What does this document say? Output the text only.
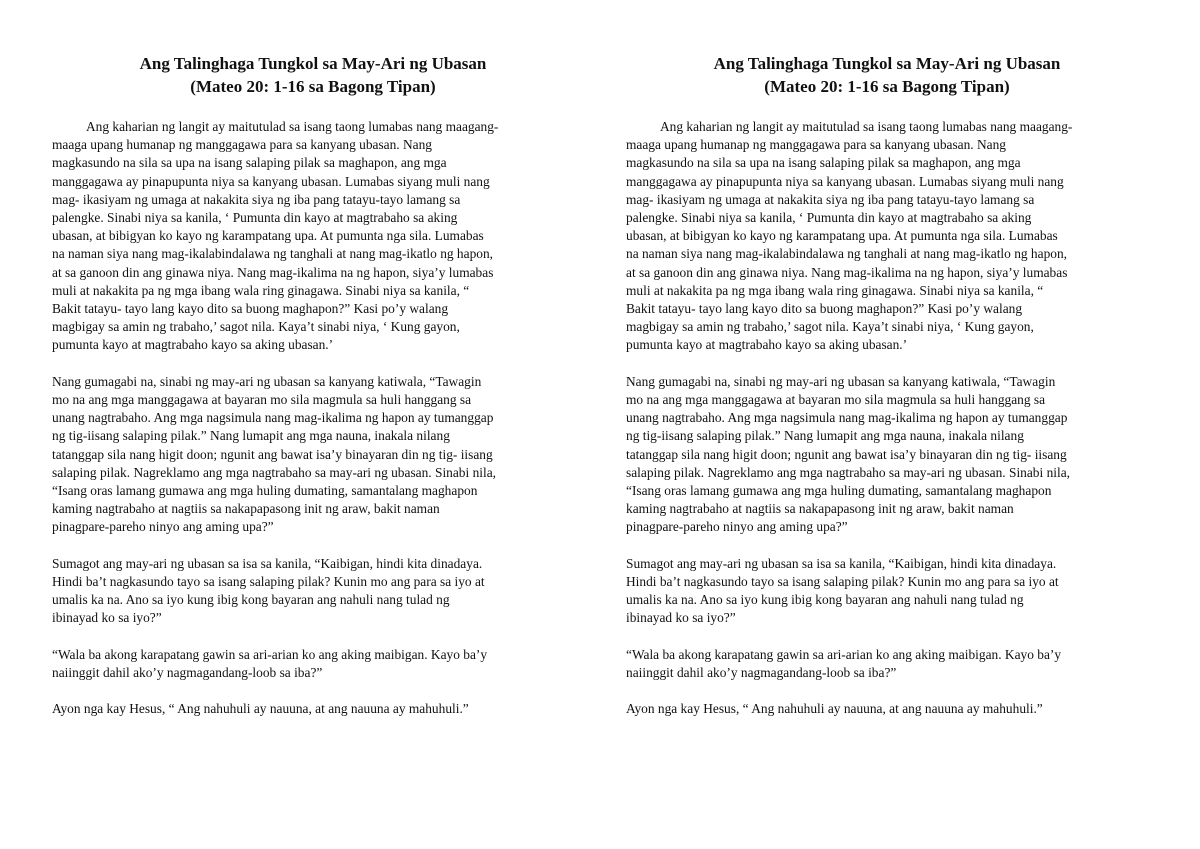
Ang Talinghaga Tungkol sa May-Ari ng Ubasan
(Mateo 20: 1-16 sa Bagong Tipan)

Ang kaharian ng langit ay maitutulad sa isang taong lumabas nang maagang-
maaga upang humanap ng manggagawa para sa kanyang ubasan. Nang
magkasundo na sila sa upa na isang salaping pilak sa maghapon, ang mga
manggagawa ay pinapupunta niya sa kanyang ubasan. Lumabas siyang muli nang
mag- ikasiyam ng umaga at nakakita siya ng iba pang tatayu-tayo lamang sa
palengke. Sinabi niya sa kanila, ‘ Pumunta din kayo at magtrabaho sa aking
ubasan, at bibigyan ko kayo ng karampatang upa. At pumunta nga sila. Lumabas
na naman siya nang mag-ikalabindalawa ng tanghali at nang mag-ikatlo ng hapon,
at sa ganoon din ang ginawa niya. Nang mag-ikalima na ng hapon, siya’y lumabas
muli at nakakita pa ng mga ibang wala ring ginagawa. Sinabi niya sa kanila, “
Bakit tatayu- tayo lang kayo dito sa buong maghapon?” Kasi po’y walang
magbigay sa amin ng trabaho,’ sagot nila. Kaya’t sinabi niya, ‘ Kung gayon,
pumunta kayo at magtrabaho kayo sa aking ubasan.’

Nang gumagabi na, sinabi ng may-ari ng ubasan sa kanyang katiwala, “Tawagin
mo na ang mga manggagawa at bayaran mo sila magmula sa huli hanggang sa
unang nagtrabaho. Ang mga nagsimula nang mag-ikalima ng hapon ay tumanggap
ng tig-iisang salaping pilak.” Nang lumapit ang mga nauna, inakala nilang
tatanggap sila nang higit doon; ngunit ang bawat isa’y binayaran din ng tig- iisang
salaping pilak. Nagreklamo ang mga nagtrabaho sa may-ari ng ubasan. Sinabi nila,
“Isang oras lamang gumawa ang mga huling dumating, samantalang maghapon
kaming nagtrabaho at nagtiis sa nakapapasong init ng araw, bakit naman
pinagpare-pareho ninyo ang aming upa?”

Sumagot ang may-ari ng ubasan sa isa sa kanila, “Kaibigan, hindi kita dinadaya.
Hindi ba’t nagkasundo tayo sa isang salaping pilak? Kunin mo ang para sa iyo at
umalis ka na. Ano sa iyo kung ibig kong bayaran ang nahuli nang tulad ng
ibinayad ko sa iyo?”

“Wala ba akong karapatang gawin sa ari-arian ko ang aking maibigan. Kayo ba’y
naiinggit dahil ako’y nagmagandang-loob sa iba?”

Ayon nga kay Hesus, “ Ang nahuhuli ay nauuna, at ang nauuna ay mahuhuli.”

Ang Talinghaga Tungkol sa May-Ari ng Ubasan
(Mateo 20: 1-16 sa Bagong Tipan)

Ang kaharian ng langit ay maitutulad sa isang taong lumabas nang maagang-
maaga upang humanap ng manggagawa para sa kanyang ubasan. Nang
magkasundo na sila sa upa na isang salaping pilak sa maghapon, ang mga
manggagawa ay pinapupunta niya sa kanyang ubasan. Lumabas siyang muli nang
mag- ikasiyam ng umaga at nakakita siya ng iba pang tatayu-tayo lamang sa
palengke. Sinabi niya sa kanila, ‘ Pumunta din kayo at magtrabaho sa aking
ubasan, at bibigyan ko kayo ng karampatang upa. At pumunta nga sila. Lumabas
na naman siya nang mag-ikalabindalawa ng tanghali at nang mag-ikatlo ng hapon,
at sa ganoon din ang ginawa niya. Nang mag-ikalima na ng hapon, siya’y lumabas
muli at nakakita pa ng mga ibang wala ring ginagawa. Sinabi niya sa kanila, “
Bakit tatayu- tayo lang kayo dito sa buong maghapon?” Kasi po’y walang
magbigay sa amin ng trabaho,’ sagot nila. Kaya’t sinabi niya, ‘ Kung gayon,
pumunta kayo at magtrabaho kayo sa aking ubasan.’

Nang gumagabi na, sinabi ng may-ari ng ubasan sa kanyang katiwala, “Tawagin
mo na ang mga manggagawa at bayaran mo sila magmula sa huli hanggang sa
unang nagtrabaho. Ang mga nagsimula nang mag-ikalima ng hapon ay tumanggap
ng tig-iisang salaping pilak.” Nang lumapit ang mga nauna, inakala nilang
tatanggap sila nang higit doon; ngunit ang bawat isa’y binayaran din ng tig- iisang
salaping pilak. Nagreklamo ang mga nagtrabaho sa may-ari ng ubasan. Sinabi nila,
“Isang oras lamang gumawa ang mga huling dumating, samantalang maghapon
kaming nagtrabaho at nagtiis sa nakapapasong init ng araw, bakit naman
pinagpare-pareho ninyo ang aming upa?”

Sumagot ang may-ari ng ubasan sa isa sa kanila, “Kaibigan, hindi kita dinadaya.
Hindi ba’t nagkasundo tayo sa isang salaping pilak? Kunin mo ang para sa iyo at
umalis ka na. Ano sa iyo kung ibig kong bayaran ang nahuli nang tulad ng
ibinayad ko sa iyo?”

“Wala ba akong karapatang gawin sa ari-arian ko ang aking maibigan. Kayo ba’y
naiinggit dahil ako’y nagmagandang-loob sa iba?”

Ayon nga kay Hesus, “ Ang nahuhuli ay nauuna, at ang nauuna ay mahuhuli.”
